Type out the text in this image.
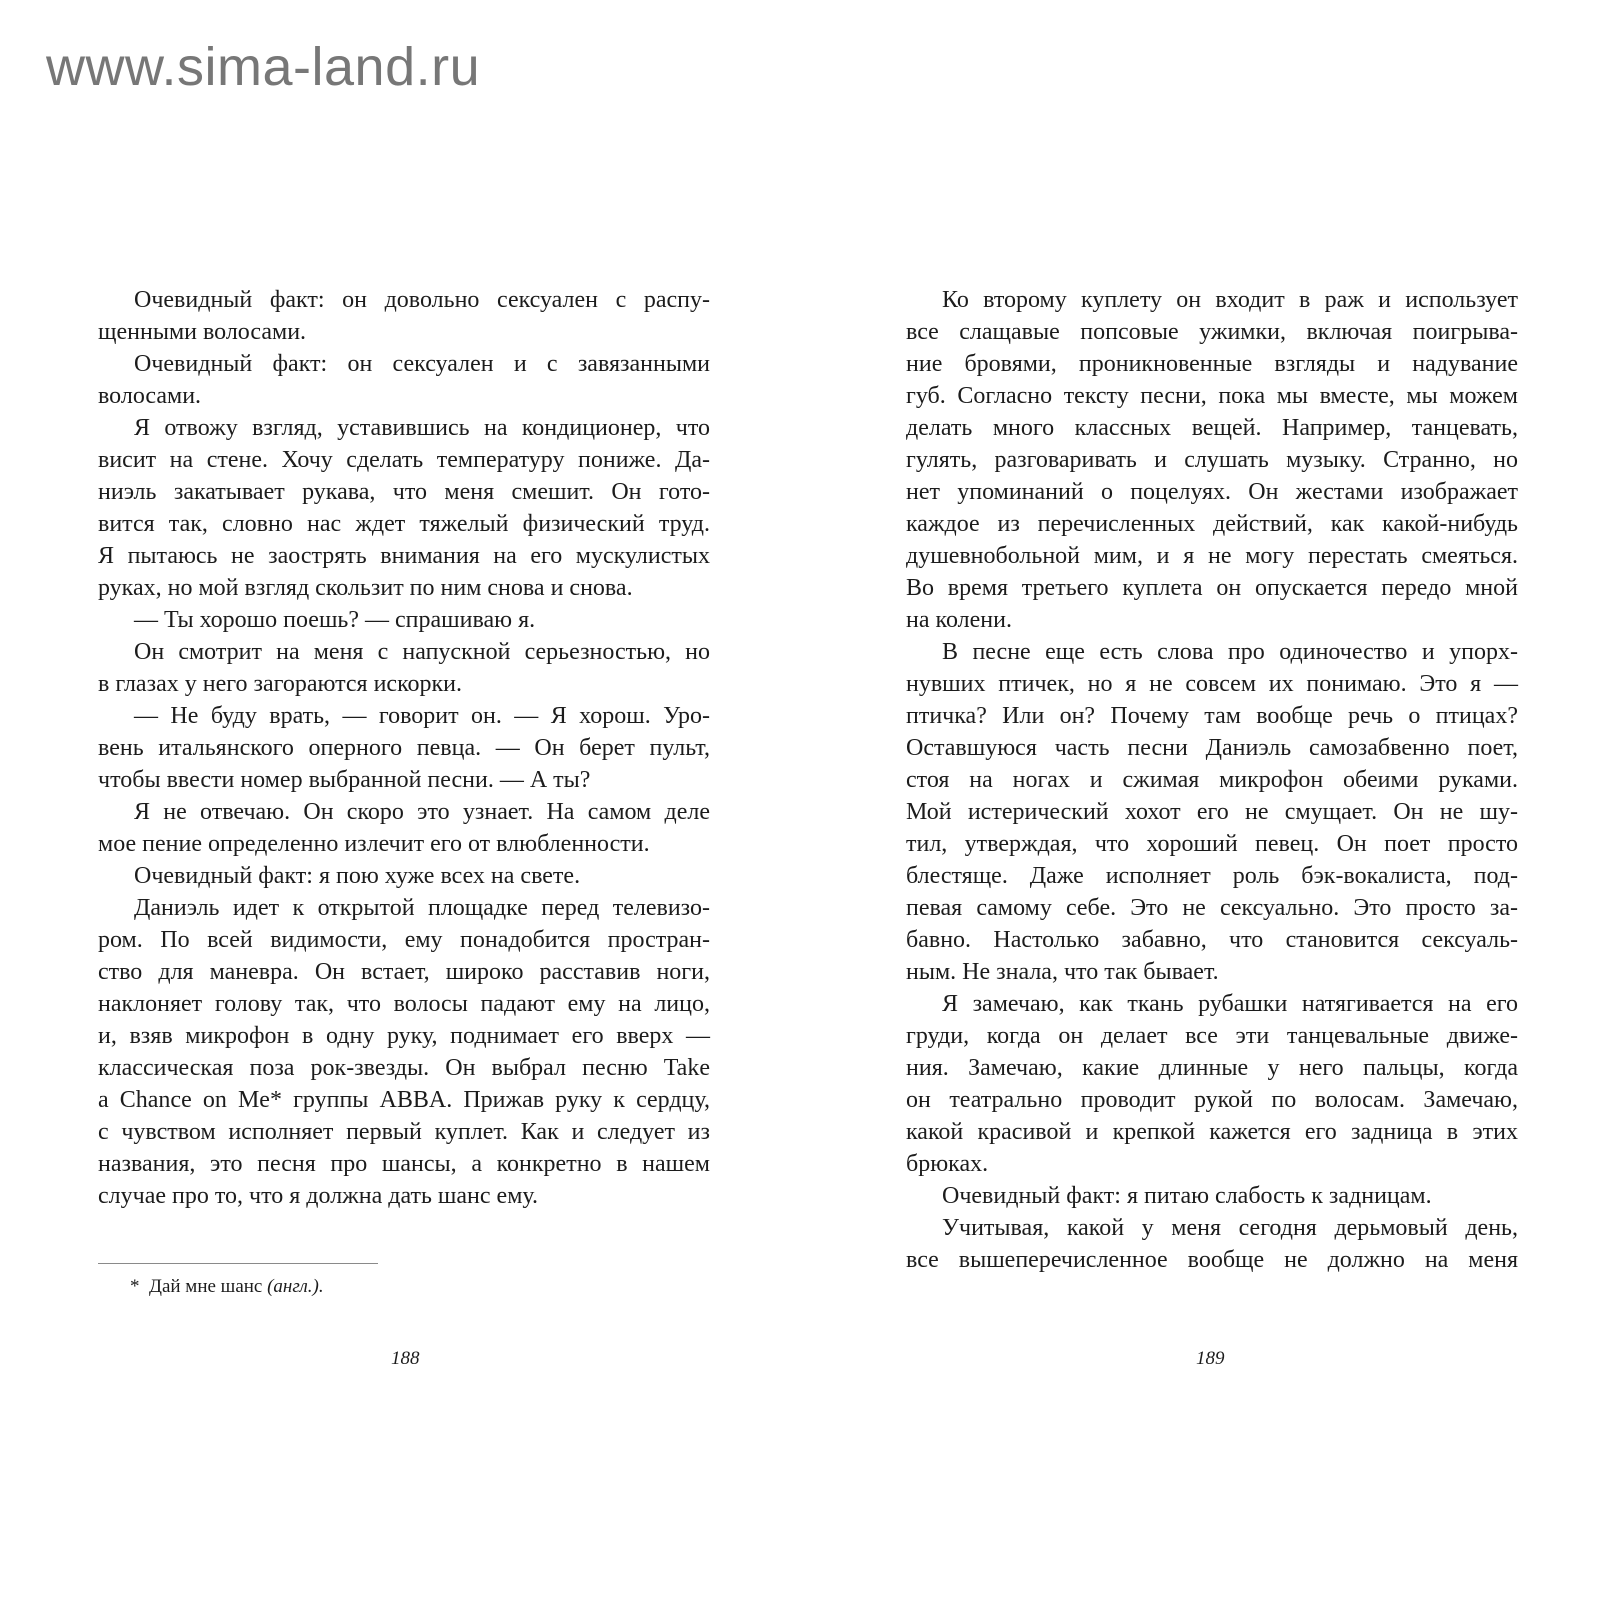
www.sima-land.ru
Очевидный факт: он довольно сексуален с распу-
щенными волосами.
Очевидный факт: он сексуален и с завязанными
волосами.
Я отвожу взгляд, уставившись на кондиционер, что
висит на стене. Хочу сделать температуру пониже. Да-
ниэль закатывает рукава, что меня смешит. Он гото-
вится так, словно нас ждет тяжелый физический труд.
Я пытаюсь не заострять внимания на его мускулистых
руках, но мой взгляд скользит по ним снова и снова.
— Ты хорошо поешь? — спрашиваю я.
Он смотрит на меня с напускной серьезностью, но
в глазах у него загораются искорки.
— Не буду врать, — говорит он. — Я хорош. Уро-
вень итальянского оперного певца. — Он берет пульт,
чтобы ввести номер выбранной песни. — А ты?
Я не отвечаю. Он скоро это узнает. На самом деле
мое пение определенно излечит его от влюбленности.
Очевидный факт: я пою хуже всех на свете.
Даниэль идет к открытой площадке перед телевизо-
ром. По всей видимости, ему понадобится простран-
ство для маневра. Он встает, широко расставив ноги,
наклоняет голову так, что волосы падают ему на лицо,
и, взяв микрофон в одну руку, поднимает его вверх —
классическая поза рок-звезды. Он выбрал песню Take
a Chance on Me* группы ABBA. Прижав руку к сердцу,
с чувством исполняет первый куплет. Как и следует из
названия, это песня про шансы, а конкретно в нашем
случае про то, что я должна дать шанс ему.
Ко второму куплету он входит в раж и использует
все слащавые попсовые ужимки, включая поигрыва-
ние бровями, проникновенные взгляды и надувание
губ. Согласно тексту песни, пока мы вместе, мы можем
делать много классных вещей. Например, танцевать,
гулять, разговаривать и слушать музыку. Странно, но
нет упоминаний о поцелуях. Он жестами изображает
каждое из перечисленных действий, как какой-нибудь
душевнобольной мим, и я не могу перестать смеяться.
Во время третьего куплета он опускается передо мной
на колени.
В песне еще есть слова про одиночество и упорх-
нувших птичек, но я не совсем их понимаю. Это я —
птичка? Или он? Почему там вообще речь о птицах?
Оставшуюся часть песни Даниэль самозабвенно поет,
стоя на ногах и сжимая микрофон обеими руками.
Мой истерический хохот его не смущает. Он не шу-
тил, утверждая, что хороший певец. Он поет просто
блестяще. Даже исполняет роль бэк-вокалиста, под-
певая самому себе. Это не сексуально. Это просто за-
бавно. Настолько забавно, что становится сексуаль-
ным. Не знала, что так бывает.
Я замечаю, как ткань рубашки натягивается на его
груди, когда он делает все эти танцевальные движе-
ния. Замечаю, какие длинные у него пальцы, когда
он театрально проводит рукой по волосам. Замечаю,
какой красивой и крепкой кажется его задница в этих
брюках.
Очевидный факт: я питаю слабость к задницам.
Учитывая, какой у меня сегодня дерьмовый день,
все вышеперечисленное вообще не должно на меня
* Дай мне шанс (англ.).
188	189
